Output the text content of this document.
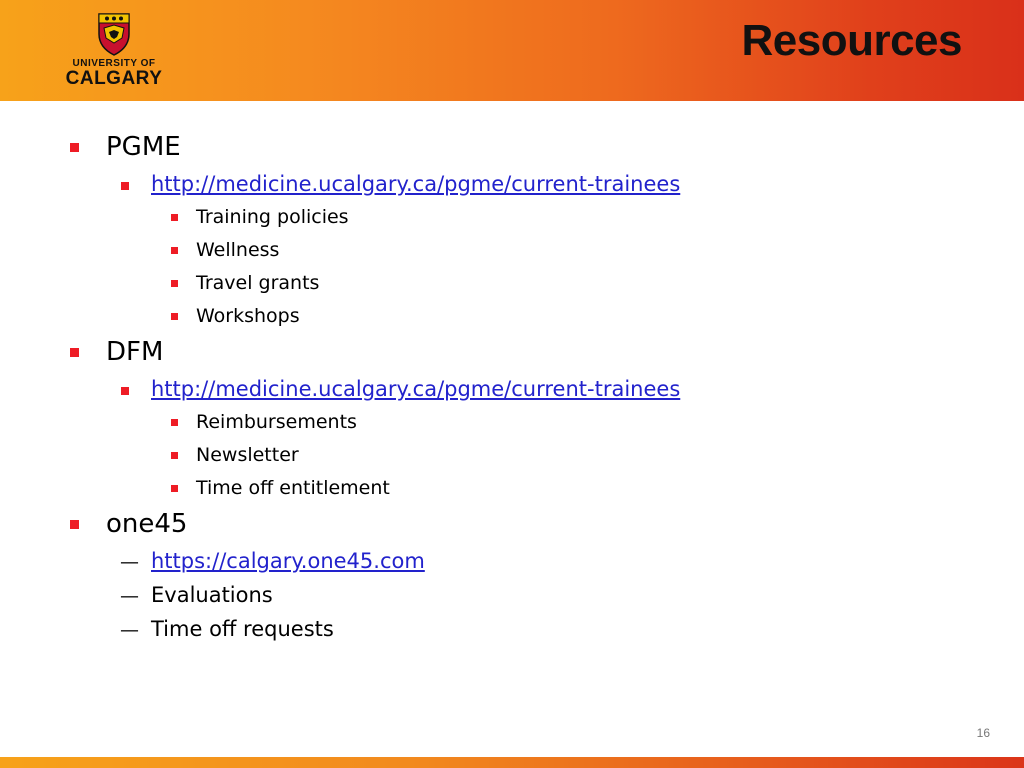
UNIVERSITY OF
CALGARY
Resources
PGME
http://medicine.ucalgary.ca/pgme/current-trainees
Training policies
Wellness
Travel grants
Workshops
DFM
http://medicine.ucalgary.ca/pgme/current-trainees
Reimbursements
Newsletter
Time off entitlement
one45
— https://calgary.one45.com
— Evaluations
— Time off requests
16
